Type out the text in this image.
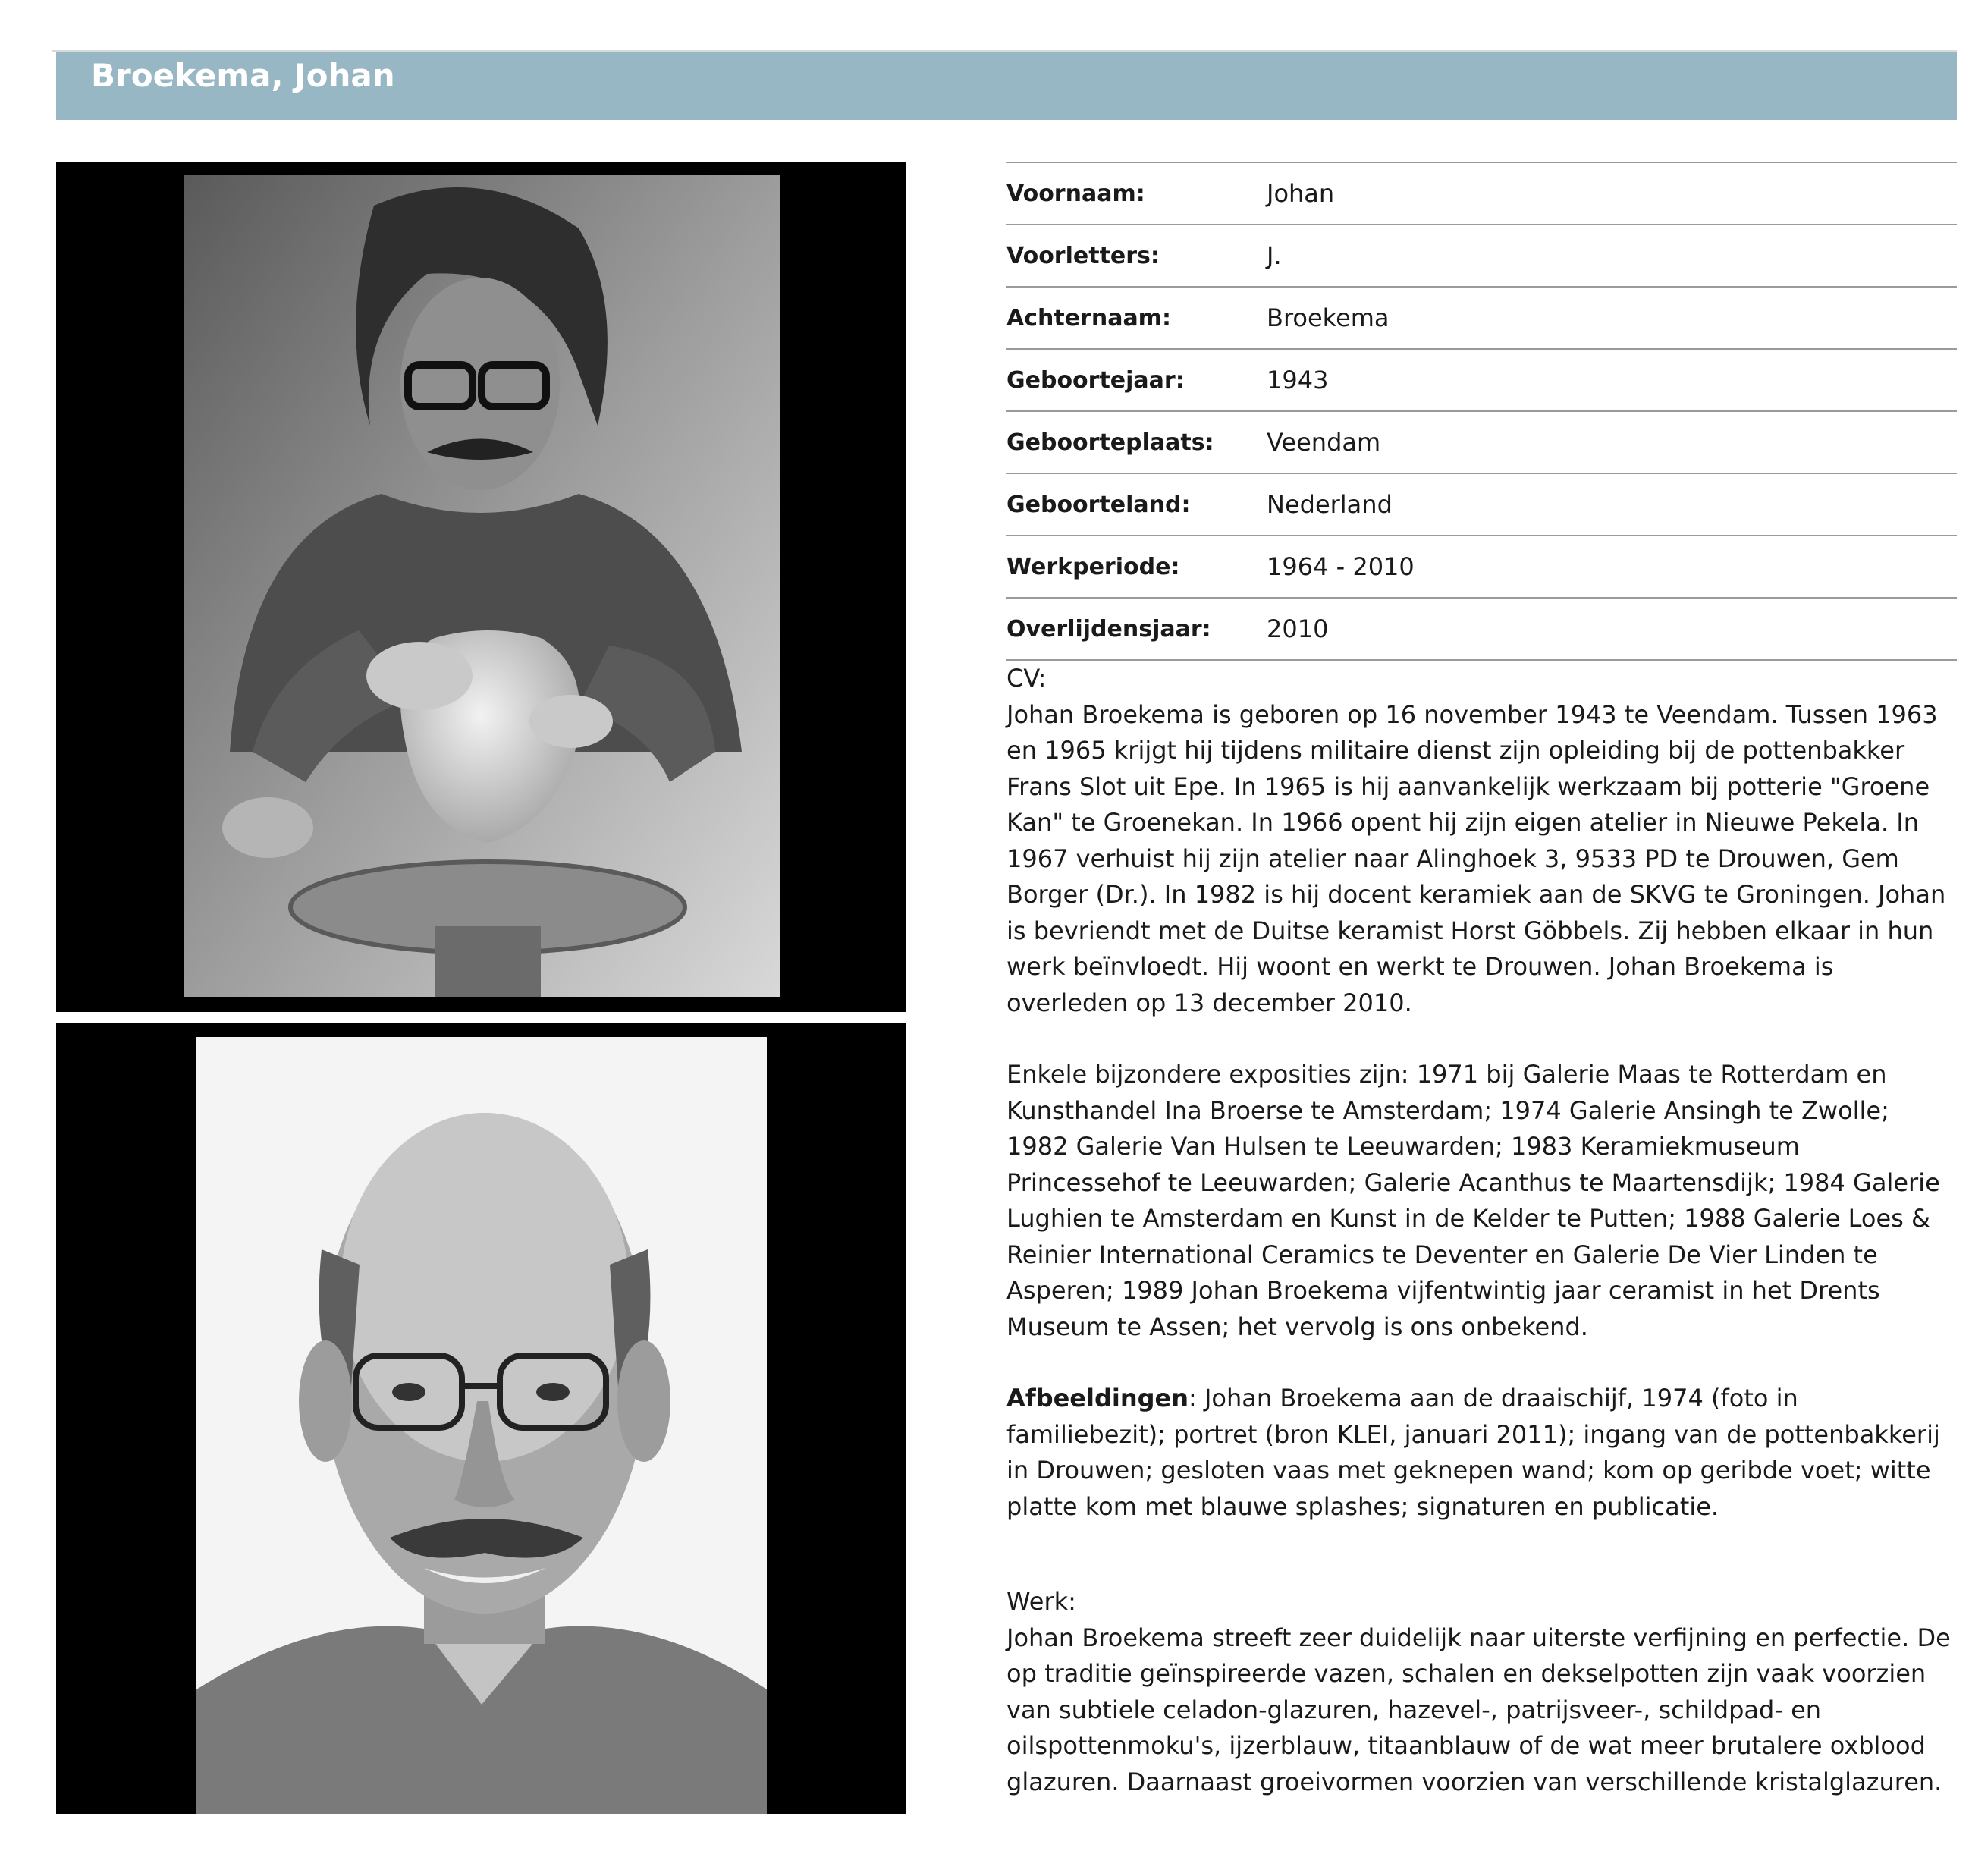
Broekema, Johan
Voornaam:	Johan
Voorletters:	J.
Achternaam:	Broekema
Geboortejaar:	1943
Geboorteplaats:	Veendam
Geboorteland:	Nederland
Werkperiode:	1964 - 2010
Overlijdensjaar:	2010

CV:

Johan Broekema is geboren op 16 november 1943 te Veendam. Tussen 1963 en 1965 krijgt hij tijdens militaire dienst zijn opleiding bij de pottenbakker Frans Slot uit Epe. In 1965 is hij aanvankelijk werkzaam bij potterie "Groene Kan" te Groenekan. In 1966 opent hij zijn eigen atelier in Nieuwe Pekela. In 1967 verhuist hij zijn atelier naar Alinghoek 3, 9533 PD te Drouwen, Gem Borger (Dr.). In 1982 is hij docent keramiek aan de SKVG te Groningen. Johan is bevriendt met de Duitse keramist Horst Göbbels. Zij hebben elkaar in hun werk beïnvloedt. Hij woont en werkt te Drouwen. Johan Broekema is overleden op 13 december 2010.

Enkele bijzondere exposities zijn: 1971 bij Galerie Maas te Rotterdam en Kunsthandel Ina Broerse te Amsterdam; 1974 Galerie Ansingh te Zwolle; 1982 Galerie Van Hulsen te Leeuwarden; 1983 Keramiekmuseum Princessehof te Leeuwarden; Galerie Acanthus te Maartensdijk; 1984 Galerie Lughien te Amsterdam en Kunst in de Kelder te Putten; 1988 Galerie Loes & Reinier International Ceramics te Deventer en Galerie De Vier Linden te Asperen; 1989 Johan Broekema vijfentwintig jaar ceramist in het Drents Museum te Assen; het vervolg is ons onbekend.

Afbeeldingen: Johan Broekema aan de draaischijf, 1974 (foto in familiebezit); portret (bron KLEI, januari 2011); ingang van de pottenbakkerij in Drouwen; gesloten vaas met geknepen wand; kom op geribde voet; witte platte kom met blauwe splashes; signaturen en publicatie.

Werk:

Johan Broekema streeft zeer duidelijk naar uiterste verfijning en perfectie. De op traditie geïnspireerde vazen, schalen en dekselpotten zijn vaak voorzien van subtiele celadon-glazuren, hazevel-, patrijsveer-, schildpad- en oilspottenmoku's, ijzerblauw, titaanblauw of de wat meer brutalere oxblood glazuren. Daarnaast groeivormen voorzien van verschillende kristalglazuren.
